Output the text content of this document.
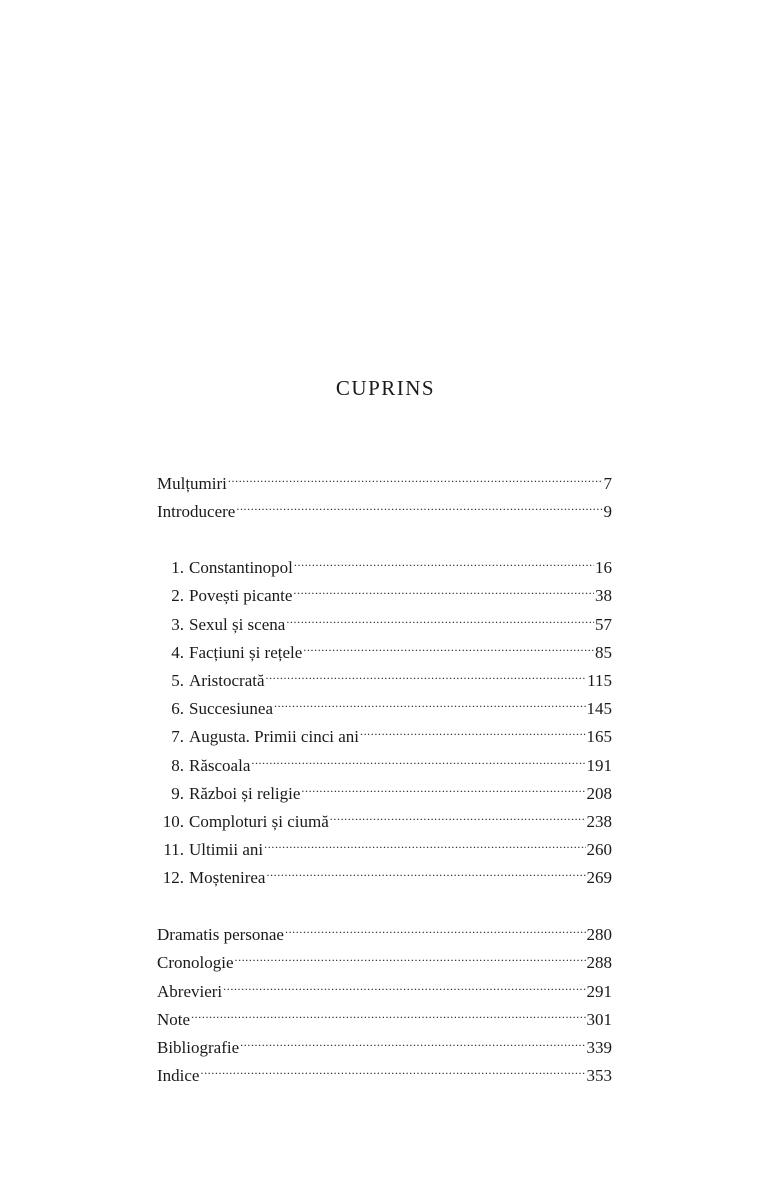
CUPRINS
Mulțumiri .....	7
Introducere .....	9
1. Constantinopol .....	16
2. Povești picante .....	38
3. Sexul și scena .....	57
4. Facțiuni și rețele .....	85
5. Aristocrată .....	115
6. Succesiunea .....	145
7. Augusta. Primii cinci ani .....	165
8. Răscoala .....	191
9. Război și religie .....	208
10. Comploturi și ciumă .....	238
11. Ultimii ani .....	260
12. Moștenirea .....	269
Dramatis personae .....	280
Cronologie .....	288
Abrevieri .....	291
Note .....	301
Bibliografie .....	339
Indice .....	353
